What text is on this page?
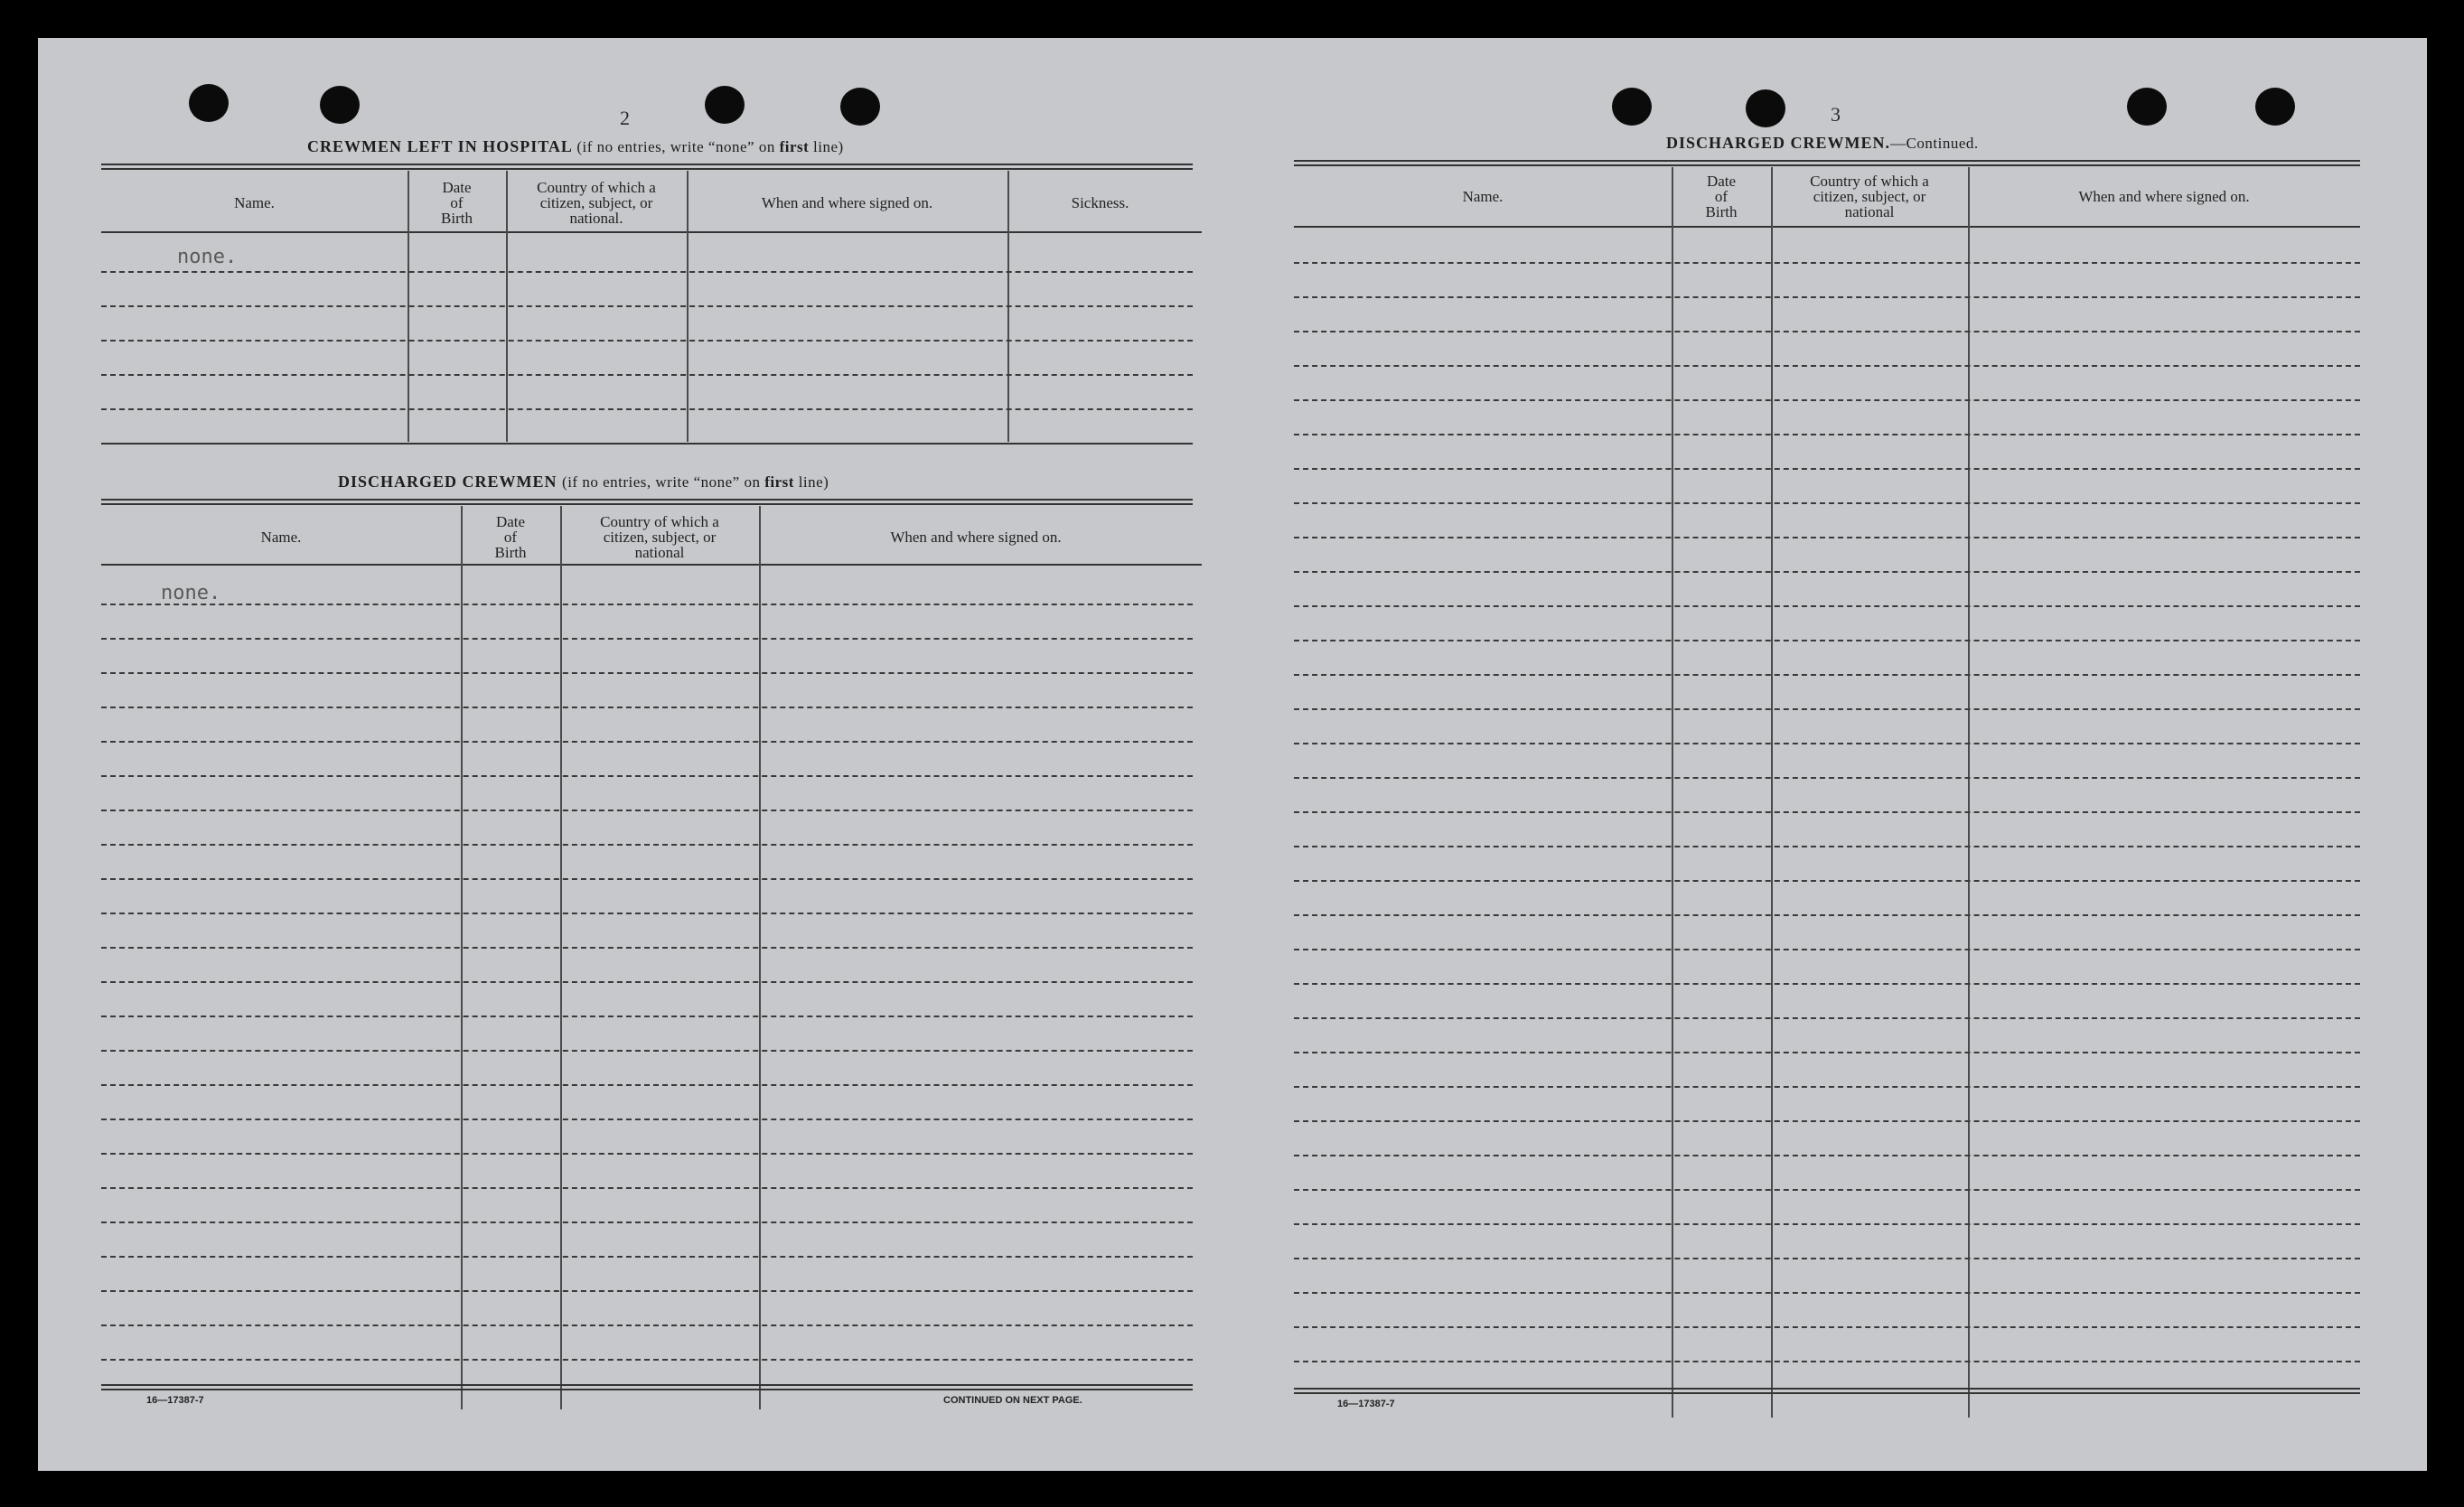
2
CREWMEN LEFT IN HOSPITAL (if no entries, write “none” on first line)
Name.
Date
of
Birth
Country of which a
citizen, subject, or
national.
When and where signed on.	Sickness.
none.
DISCHARGED CREWMEN (if no entries, write “none” on first line)
Name.
Date
of
Birth
Country of which a
citizen, subject, or
national
When and where signed on.
none.
16—17387-7	CONTINUED ON NEXT PAGE.
3
DISCHARGED CREWMEN.—Continued.
Name.
Date
of
Birth
Country of which a
citizen, subject, or
national
When and where signed on.
16—17387-7
